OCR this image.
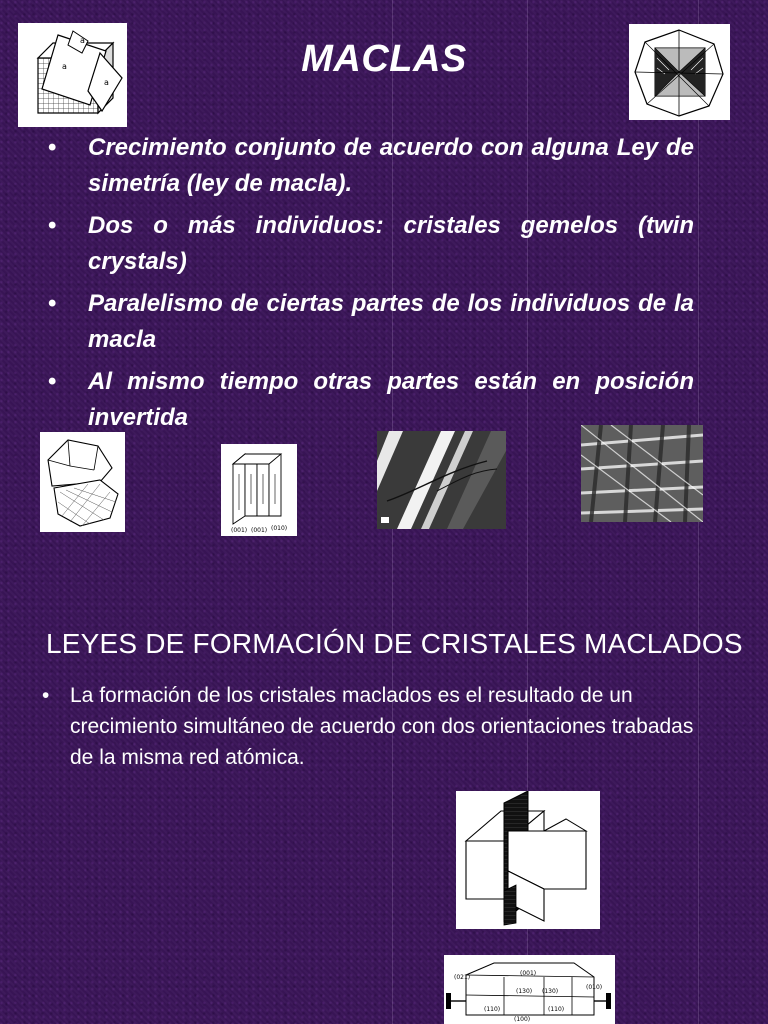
MACLAS
a
a
a
• Crecimiento conjunto de acuerdo con alguna Ley de simetría (ley de macla).
• Dos o más individuos: cristales gemelos (twin crystals)
• Paralelismo de ciertas partes de los individuos de la macla
• Al mismo tiempo otras partes están en posición invertida
(001) (001) (010)
LEYES DE FORMACIÓN DE CRISTALES MACLADOS
• La formación de los cristales maclados es el resultado de un crecimiento simultáneo de acuerdo con dos orientaciones trabadas de la misma red atómica.
(021)
(001)
(010)
(110)
(100)
(110)
(130) (130)
